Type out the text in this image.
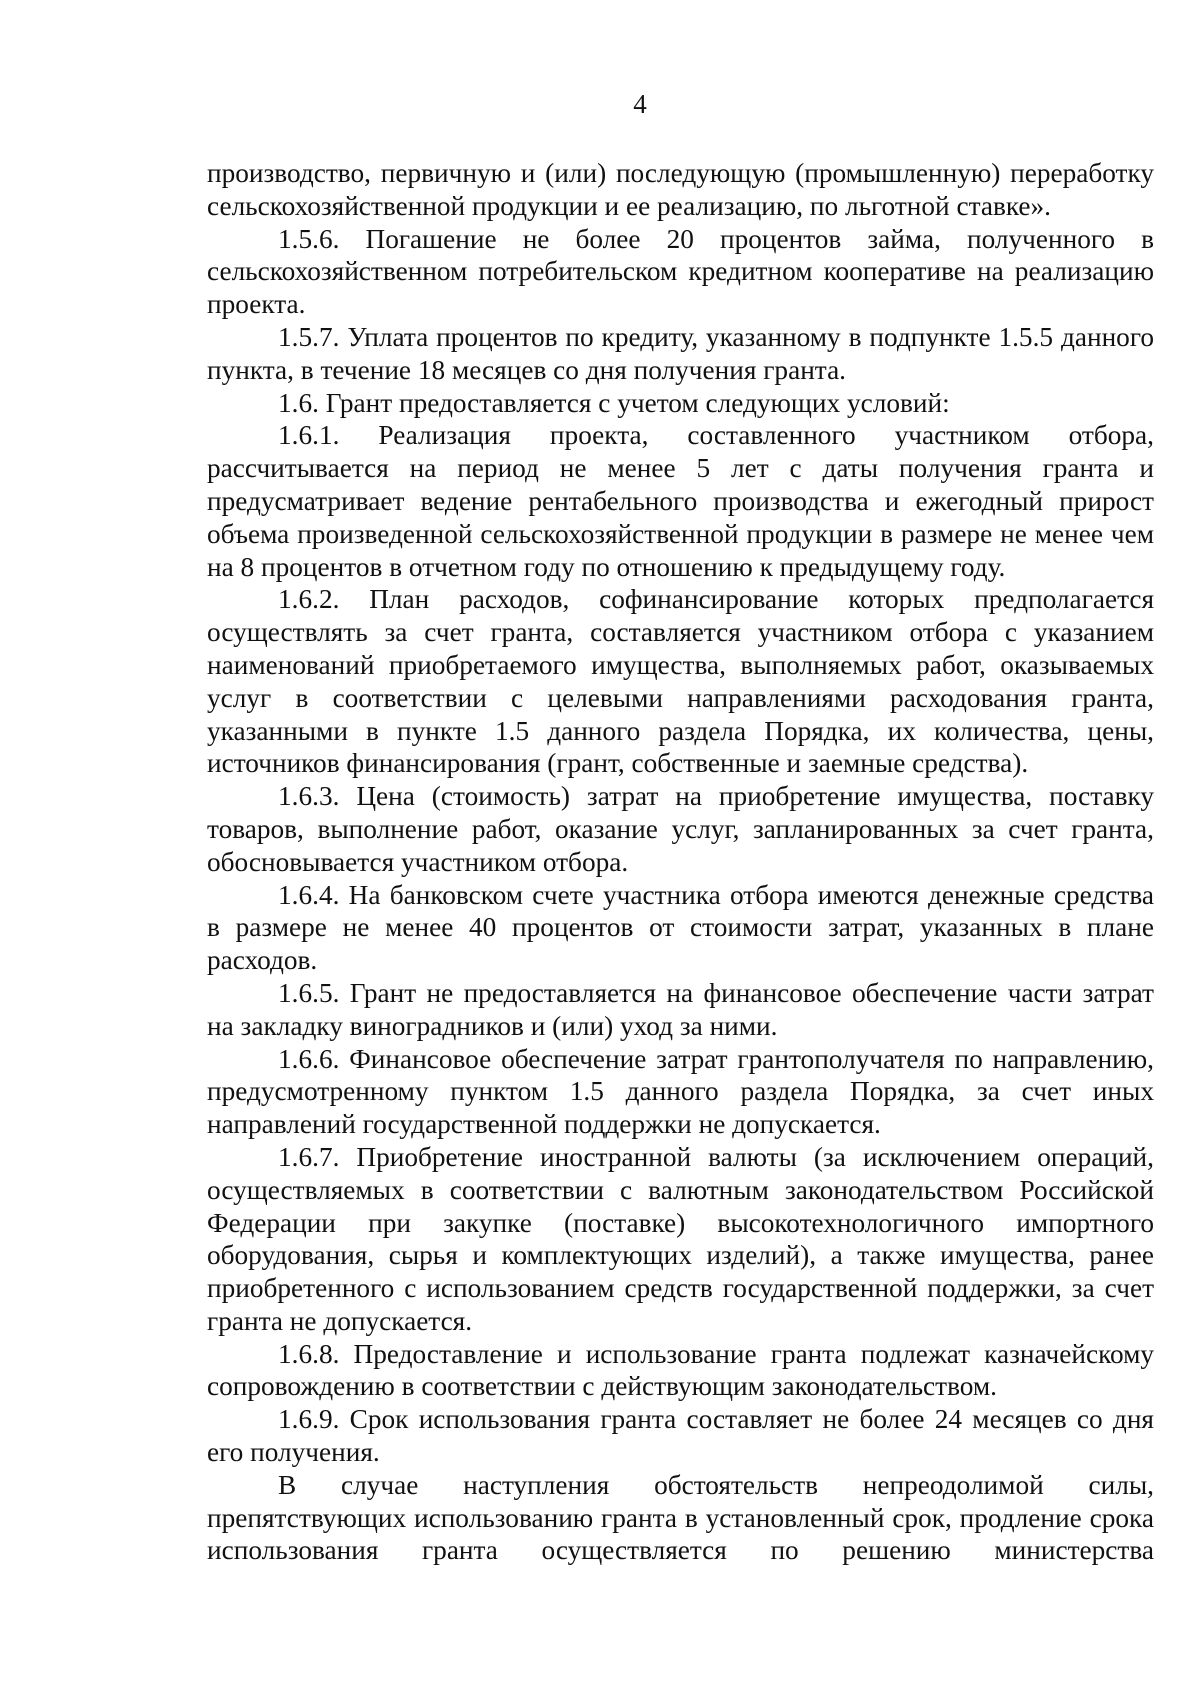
4

производство, первичную и (или) последующую (промышленную) переработку сельскохозяйственной продукции и ее реализацию, по льготной ставке».

1.5.6. Погашение не более 20 процентов займа, полученного в сельскохозяйственном потребительском кредитном кооперативе на реализацию проекта.

1.5.7. Уплата процентов по кредиту, указанному в подпункте 1.5.5 данного пункта, в течение 18 месяцев со дня получения гранта.

1.6. Грант предоставляется с учетом следующих условий:

1.6.1. Реализация проекта, составленного участником отбора, рассчитывается на период не менее 5 лет с даты получения гранта и предусматривает ведение рентабельного производства и ежегодный прирост объема произведенной сельскохозяйственной продукции в размере не менее чем на 8 процентов в отчетном году по отношению к предыдущему году.

1.6.2. План расходов, софинансирование которых предполагается осуществлять за счет гранта, составляется участником отбора с указанием наименований приобретаемого имущества, выполняемых работ, оказываемых услуг в соответствии с целевыми направлениями расходования гранта, указанными в пункте 1.5 данного раздела Порядка, их количества, цены, источников финансирования (грант, собственные и заемные средства).

1.6.3. Цена (стоимость) затрат на приобретение имущества, поставку товаров, выполнение работ, оказание услуг, запланированных за счет гранта, обосновывается участником отбора.

1.6.4. На банковском счете участника отбора имеются денежные средства в размере не менее 40 процентов от стоимости затрат, указанных в плане расходов.

1.6.5. Грант не предоставляется на финансовое обеспечение части затрат на закладку виноградников и (или) уход за ними.

1.6.6. Финансовое обеспечение затрат грантополучателя по направлению, предусмотренному пунктом 1.5 данного раздела Порядка, за счет иных направлений государственной поддержки не допускается.

1.6.7. Приобретение иностранной валюты (за исключением операций, осуществляемых в соответствии с валютным законодательством Российской Федерации при закупке (поставке) высокотехнологичного импортного оборудования, сырья и комплектующих изделий), а также имущества, ранее приобретенного с использованием средств государственной поддержки, за счет гранта не допускается.

1.6.8. Предоставление и использование гранта подлежат казначейскому сопровождению в соответствии с действующим законодательством.

1.6.9. Срок использования гранта составляет не более 24 месяцев со дня его получения.

В случае наступления обстоятельств непреодолимой силы, препятствующих использованию гранта в установленный срок, продление срока использования гранта осуществляется по решению министерства
